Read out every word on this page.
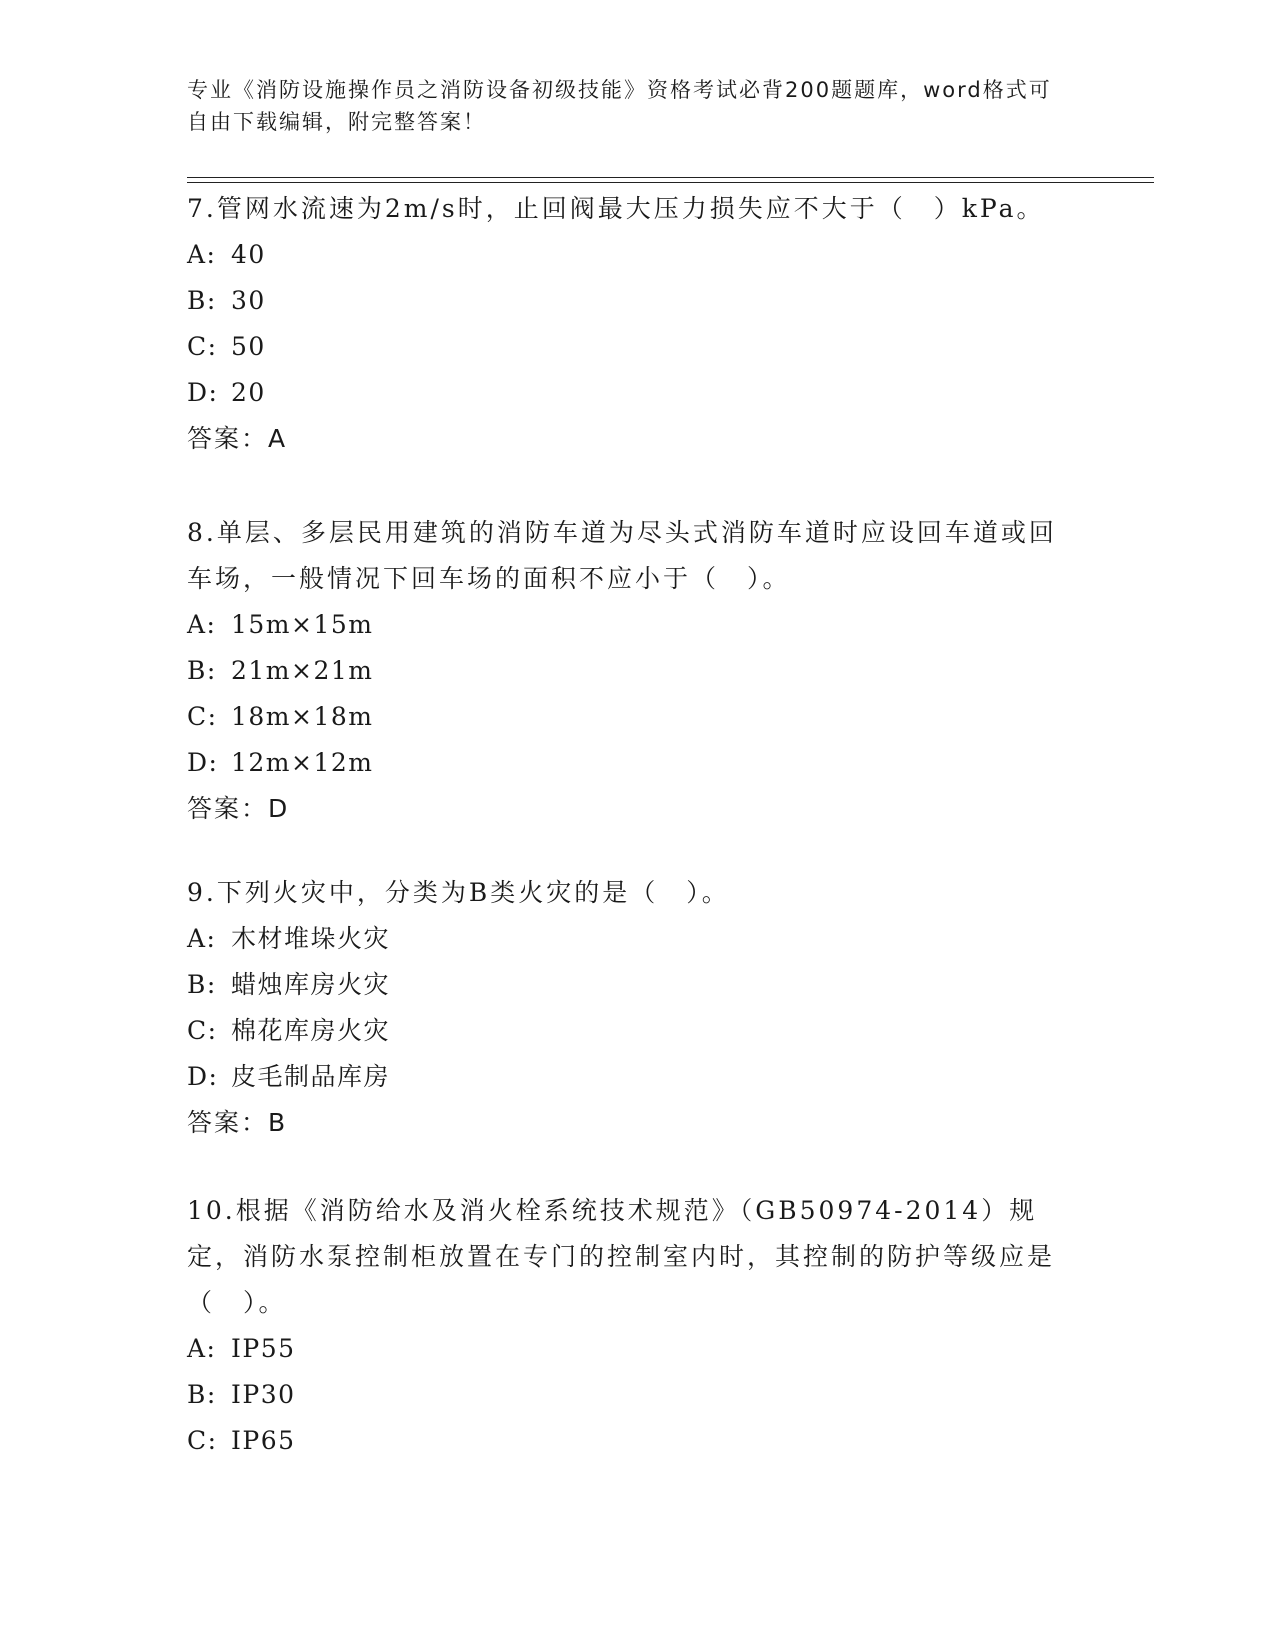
专业《消防设施操作员之消防设备初级技能》资格考试必背200题题库，word格式可自由下载编辑，附完整答案！

7.管网水流速为2m/s时，止回阀最大压力损失应不大于（　）kPa。

A: 40

B: 30

C: 50

D: 20

答案：A

8.单层、多层民用建筑的消防车道为尽头式消防车道时应设回车道或回车场，一般情况下回车场的面积不应小于（　）。

A: 15m×15m

B: 21m×21m

C: 18m×18m

D: 12m×12m

答案：D

9.下列火灾中，分类为B类火灾的是（　）。

A: 木材堆垛火灾

B: 蜡烛库房火灾

C: 棉花库房火灾

D: 皮毛制品库房

答案：B

10.根据《消防给水及消火栓系统技术规范》（GB50974-2014）规定，消防水泵控制柜放置在专门的控制室内时，其控制的防护等级应是（　）。

A: IP55

B: IP30

C: IP65
